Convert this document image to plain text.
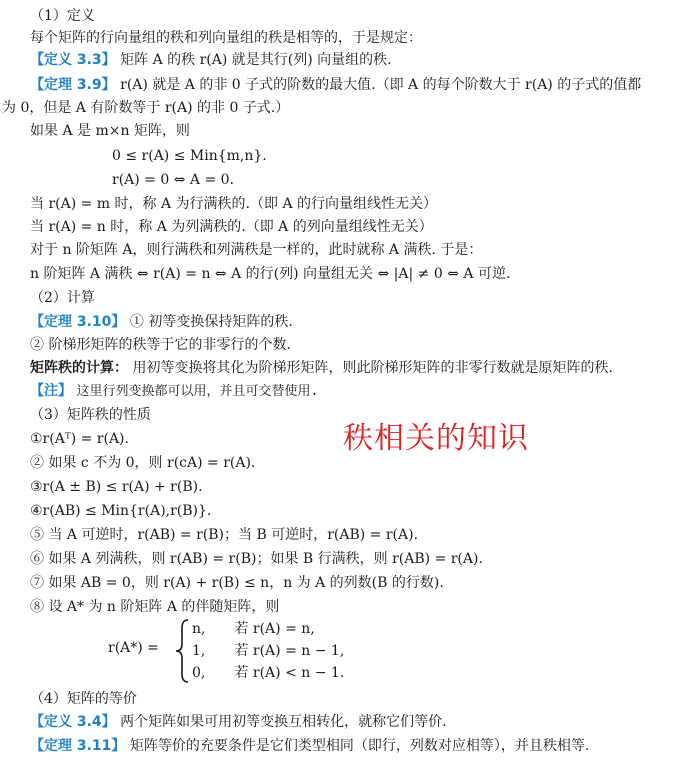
（1）定义
每个矩阵的行向量组的秩和列向量组的秩是相等的，于是规定：
【定义 3.3】 矩阵 A 的秩 r(A) 就是其行(列) 向量组的秩.
【定理 3.9】 r(A) 就是 A 的非 0 子式的阶数的最大值.（即 A 的每个阶数大于 r(A) 的子式的值都
为 0，但是 A 有阶数等于 r(A) 的非 0 子式.）
如果 A 是 m×n 矩阵，则
0 ≤ r(A) ≤ Min{m,n}.
r(A) = 0 ⇔ A = 0.
当 r(A) = m 时，称 A 为行满秩的.（即 A 的行向量组线性无关）
当 r(A) = n 时，称 A 为列满秩的.（即 A 的列向量组线性无关）
对于 n 阶矩阵 A，则行满秩和列满秩是一样的，此时就称 A 满秩. 于是：
n 阶矩阵 A 满秩 ⇔ r(A) = n ⇔ A 的行(列) 向量组无关 ⇔ |A| ≠ 0 ⇔ A 可逆.
（2）计算
【定理 3.10】 ① 初等变换保持矩阵的秩.
② 阶梯形矩阵的秩等于它的非零行的个数.
矩阵秩的计算： 用初等变换将其化为阶梯形矩阵，则此阶梯形矩阵的非零行数就是原矩阵的秩.
【注】 这里行列变换都可以用，并且可交替使用.
（3）矩阵秩的性质
①r(Aᵀ) = r(A).
② 如果 c 不为 0，则 r(cA) = r(A).
③r(A ± B) ≤ r(A) + r(B).
④r(AB) ≤ Min{r(A),r(B)}.
⑤ 当 A 可逆时，r(AB) = r(B)；当 B 可逆时，r(AB) = r(A).
⑥ 如果 A 列满秩，则 r(AB) = r(B)；如果 B 行满秩，则 r(AB) = r(A).
⑦ 如果 AB = 0，则 r(A) + r(B) ≤ n，n 为 A 的列数(B 的行数).
⑧ 设 A* 为 n 阶矩阵 A 的伴随矩阵，则
r(A*) =
n, 若 r(A) = n,
1, 若 r(A) = n − 1,
0, 若 r(A) < n − 1.
（4）矩阵的等价
【定义 3.4】 两个矩阵如果可用初等变换互相转化，就称它们等价.
【定理 3.11】 矩阵等价的充要条件是它们类型相同（即行，列数对应相等），并且秩相等.
秩相关的知识
